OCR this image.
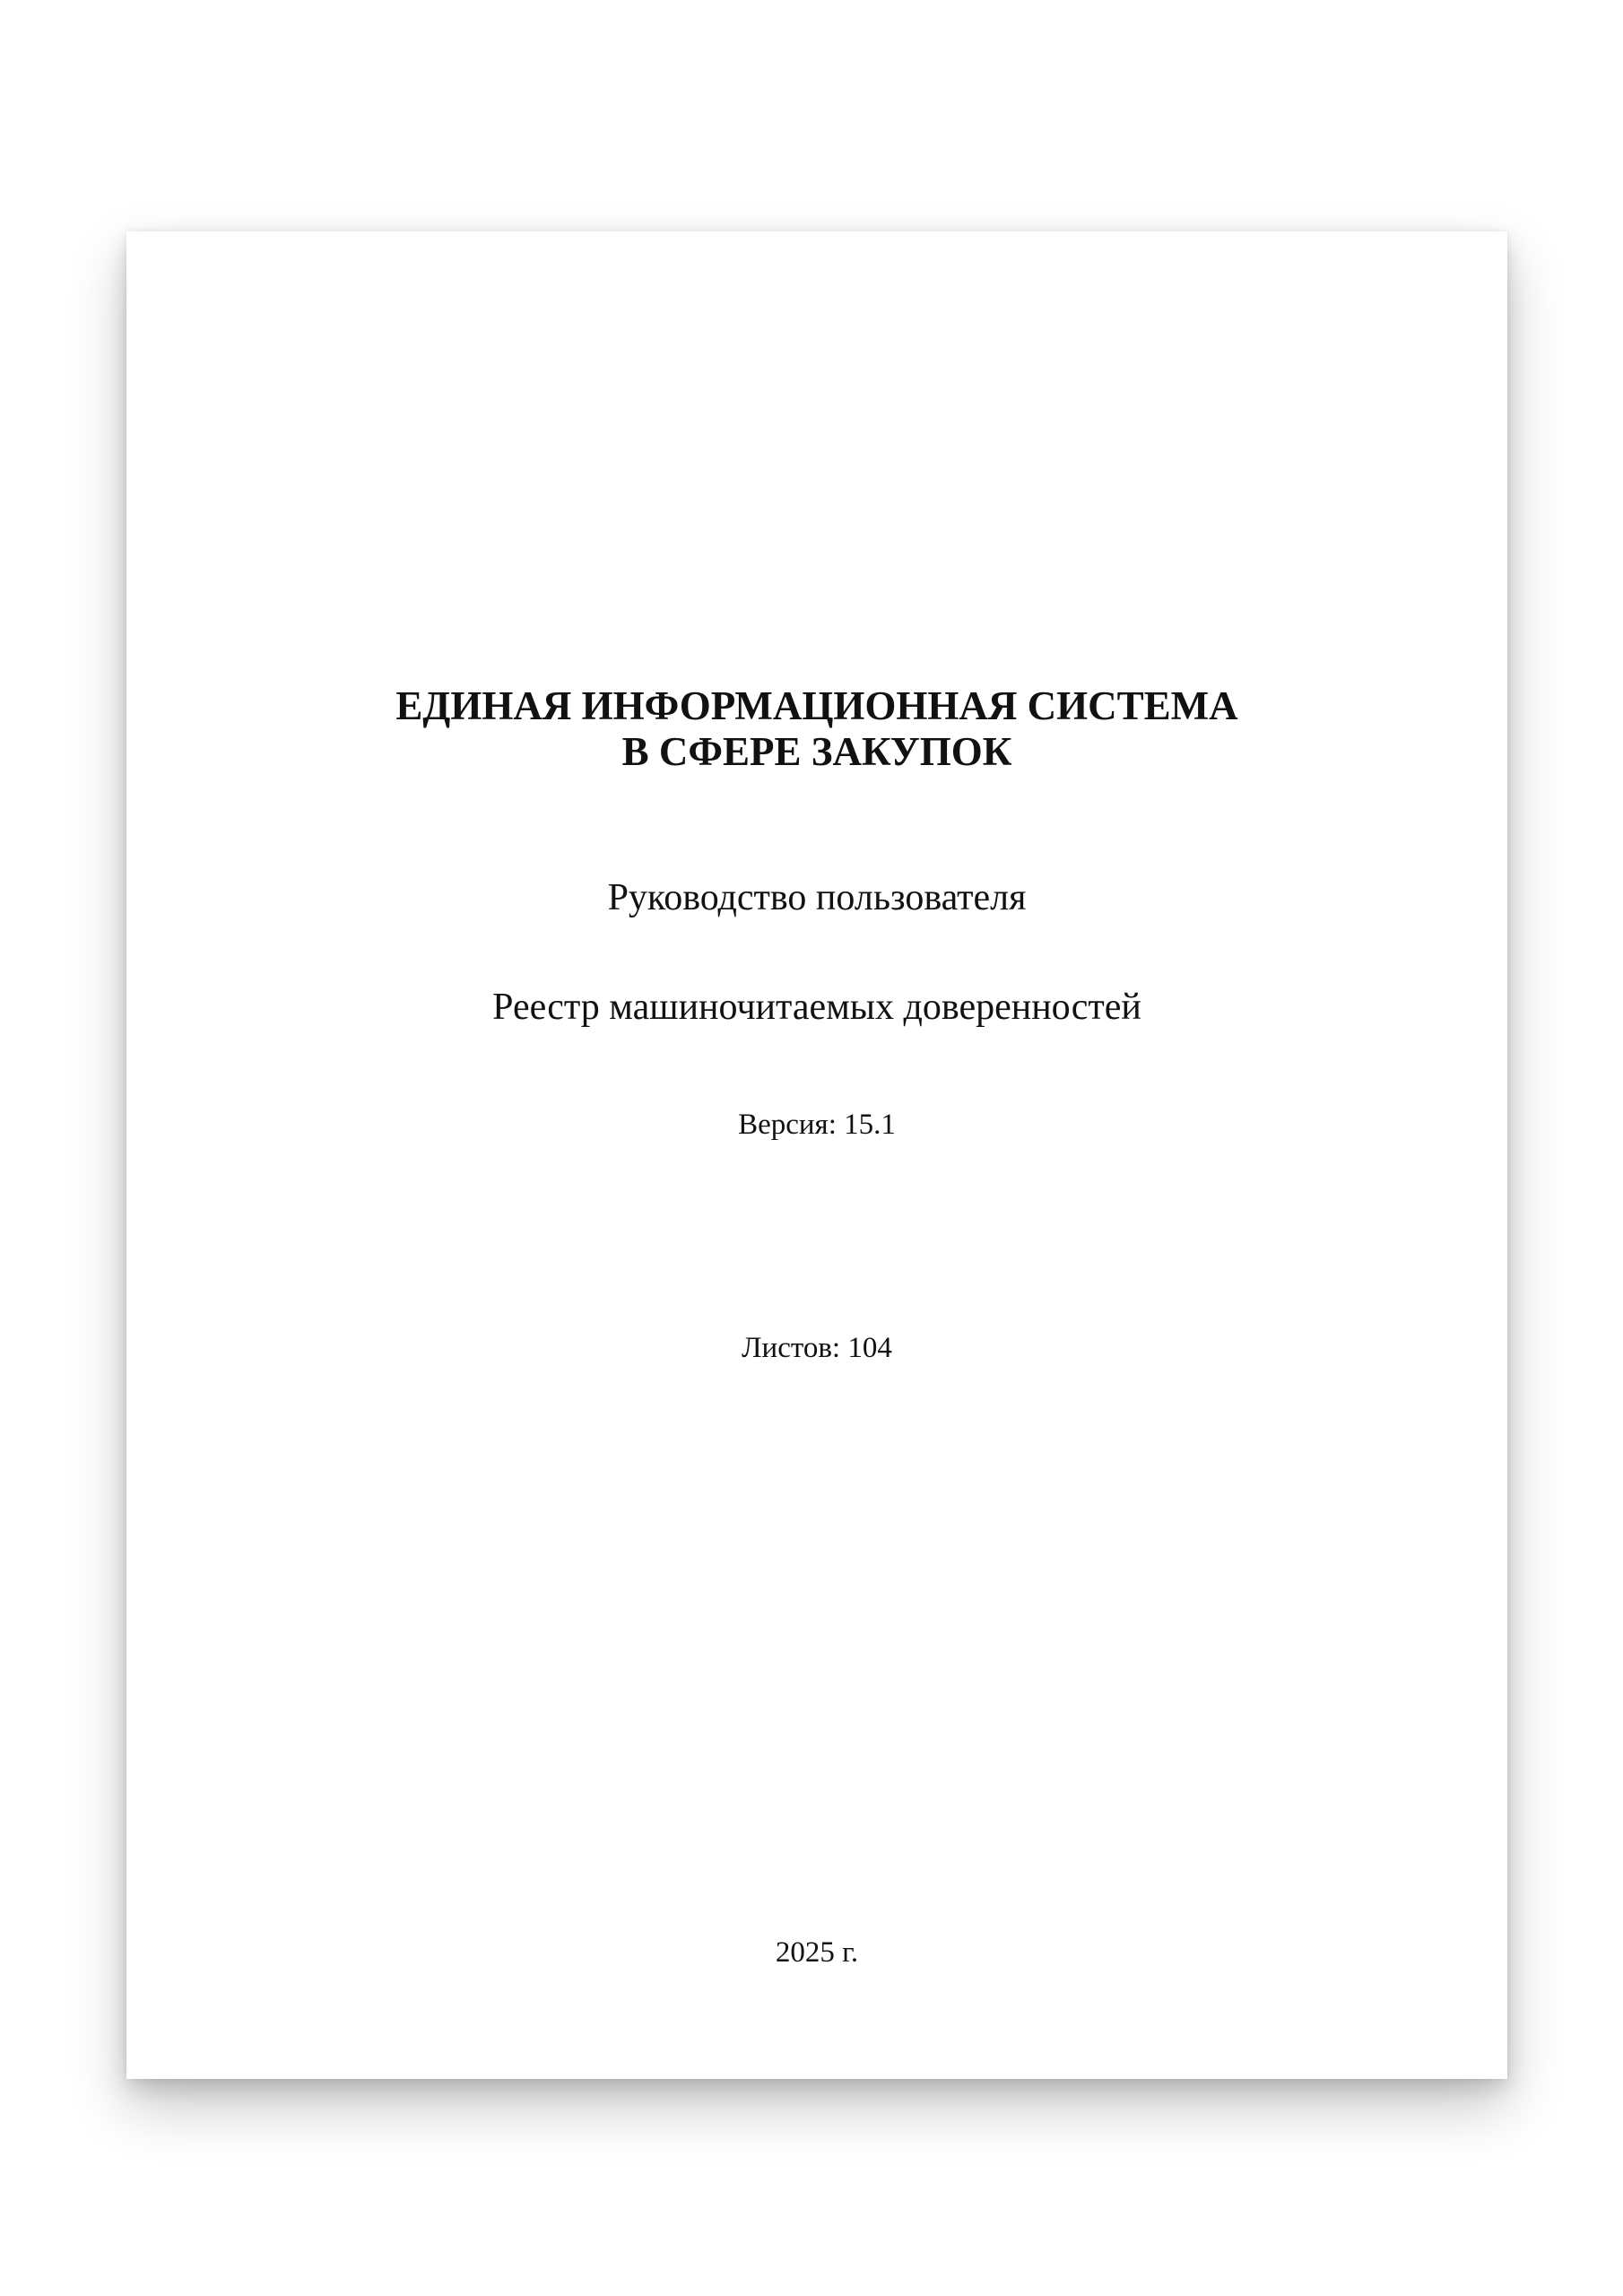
ЕДИНАЯ ИНФОРМАЦИОННАЯ СИСТЕМА
В СФЕРЕ ЗАКУПОК

Руководство пользователя

Реестр машиночитаемых доверенностей

Версия: 15.1

Листов: 104

2025 г.
